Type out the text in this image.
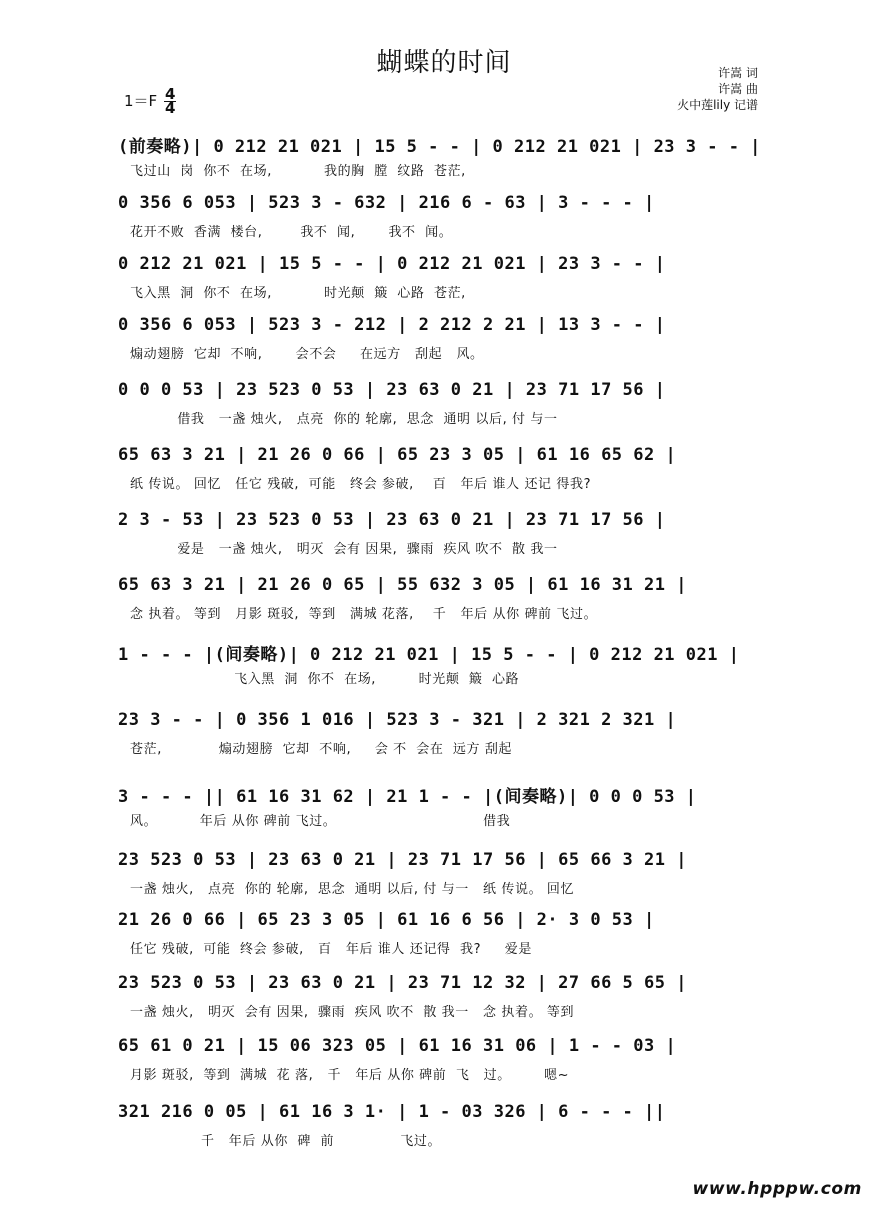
蝴蝶的时间
$1=F \frac{4}{4}$
许嵩 词
许嵩 曲
火中莲lily 记谱
(前奏略)| 0 212 21 021 | 15 5 - - | 0 212 21 021 | 23 3 - - |
飞过山  岗  你不  在场,           我的胸  膛  纹路  苍茫,
0 356 6 053 | 523 3 - 632 | 216 6 - 63 | 3 - - - |
花开不败  香满  楼台,        我不  闻,       我不  闻。
0 212 21 021 | 15 5 - - | 0 212 21 021 | 23 3 - - |
飞入黑  洞  你不  在场,           时光颠  簸  心路  苍茫,
0 356 6 053 | 523 3 - 212 | 2 212 2 21 | 13 3 - - |
煽动翅膀  它却  不响,       会不会     在远方   刮起   风。
0 0 0 53 | 23 523 0 53 | 23 63 0 21 | 23 71 17 56 |
借我   一盏 烛火,   点亮  你的 轮廓,  思念  通明 以后, 付 与一
65 63 3 21 | 21 26 0 66 | 65 23 3 05 | 61 16 65 62 |
纸 传说。 回忆   任它 残破,  可能   终会 参破,    百   年后 谁人 还记 得我?
2 3 - 53 | 23 523 0 53 | 23 63 0 21 | 23 71 17 56 |
爱是   一盏 烛火,   明灭  会有 因果,  骤雨  疾风 吹不  散 我一
65 63 3 21 | 21 26 0 65 | 55 632 3 05 | 61 16 31 21 |
念 执着。 等到   月影 斑驳,  等到   满城 花落,    千   年后 从你 碑前 飞过。
1 - - - |(间奏略)| 0 212 21 021 | 15 5 - - | 0 212 21 021 |
飞入黑  洞  你不  在场,         时光颠  簸  心路
23 3 - - | 0 356 1 016 | 523 3 - 321 | 2 321 2 321 |
苍茫,            煽动翅膀  它却  不响,     会 不  会在  远方 刮起
3 - - - || 61 16 31 62 | 21 1 - - |(间奏略)| 0 0 0 53 |
风。         年后 从你 碑前 飞过。                               借我
23 523 0 53 | 23 63 0 21 | 23 71 17 56 | 65 66 3 21 |
一盏 烛火,   点亮  你的 轮廓,  思念  通明 以后, 付 与一   纸 传说。 回忆
21 26 0 66 | 65 23 3 05 | 61 16 6 56 | 2· 3 0 53 |
任它 残破,  可能  终会 参破,   百   年后 谁人 还记得  我?     爱是
23 523 0 53 | 23 63 0 21 | 23 71 12 32 | 27 66 5 65 |
一盏 烛火,   明灭  会有 因果,  骤雨  疾风 吹不  散 我一   念 执着。 等到
65 61 0 21 | 15 06 323 05 | 61 16 31 06 | 1 - - 03 |
月影 斑驳,  等到  满城  花 落,   千   年后 从你 碑前  飞   过。       嗯~
321 216 0 05 | 61 16 3 1· | 1 - 03 326 | 6 - - - ||
千   年后 从你  碑  前              飞过。
www.hpppw.com
